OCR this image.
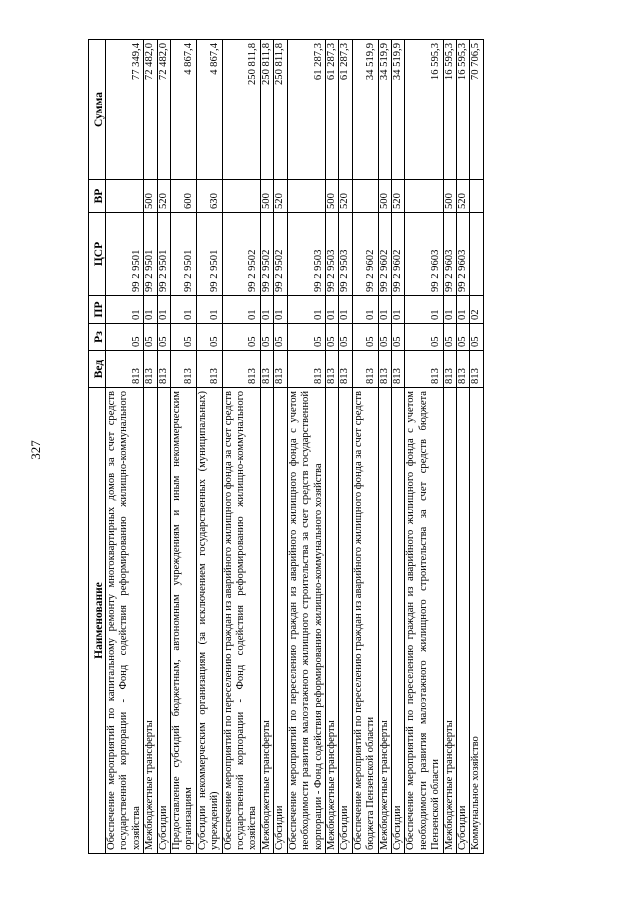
327
Наименование	Вед	Рз	ПР	ЦСР	ВР	Сумма
Обеспечение мероприятий по капитальному ремонту многоквартирных домов за счет средств государственной корпорации - Фонд содействия реформированию жилищно-коммунального хозяйства	813	05	01	99 2 9501		77 349,4
Межбюджетные трансферты	813	05	01	99 2 9501	500	72 482,0
Субсидии	813	05	01	99 2 9501	520	72 482,0
Предоставление субсидий бюджетным, автономным учреждениям и иным некоммерческим организациям	813	05	01	99 2 9501	600	4 867,4
Субсидии некоммерческим организациям (за исключением государственных (муниципальных) учреждений)	813	05	01	99 2 9501	630	4 867,4
Обеспечение мероприятий по переселению граждан из аварийного жилищного фонда за счет средств государственной корпорации - Фонд содействия реформированию жилищно-коммунального хозяйства	813	05	01	99 2 9502		250 811,8
Межбюджетные трансферты	813	05	01	99 2 9502	500	250 811,8
Субсидии	813	05	01	99 2 9502	520	250 811,8
Обеспечение мероприятий по переселению граждан из аварийного жилищного фонда с учетом необходимости развития малоэтажного жилищного строительства за счет средств государственной корпорации - Фонд содействия реформированию жилищно-коммунального хозяйства	813	05	01	99 2 9503		61 287,3
Межбюджетные трансферты	813	05	01	99 2 9503	500	61 287,3
Субсидии	813	05	01	99 2 9503	520	61 287,3
Обеспечение мероприятий по переселению граждан из аварийного жилищного фонда за счет средств бюджета Пензенской области	813	05	01	99 2 9602		34 519,9
Межбюджетные трансферты	813	05	01	99 2 9602	500	34 519,9
Субсидии	813	05	01	99 2 9602	520	34 519,9
Обеспечение мероприятий по переселению граждан из аварийного жилищного фонда с учетом необходимости развития малоэтажного жилищного строительства за счет средств бюджета Пензенской области	813	05	01	99 2 9603		16 595,3
Межбюджетные трансферты	813	05	01	99 2 9603	500	16 595,3
Субсидии	813	05	01	99 2 9603	520	16 595,3
Коммунальное хозяйство	813	05	02			70 706,5
